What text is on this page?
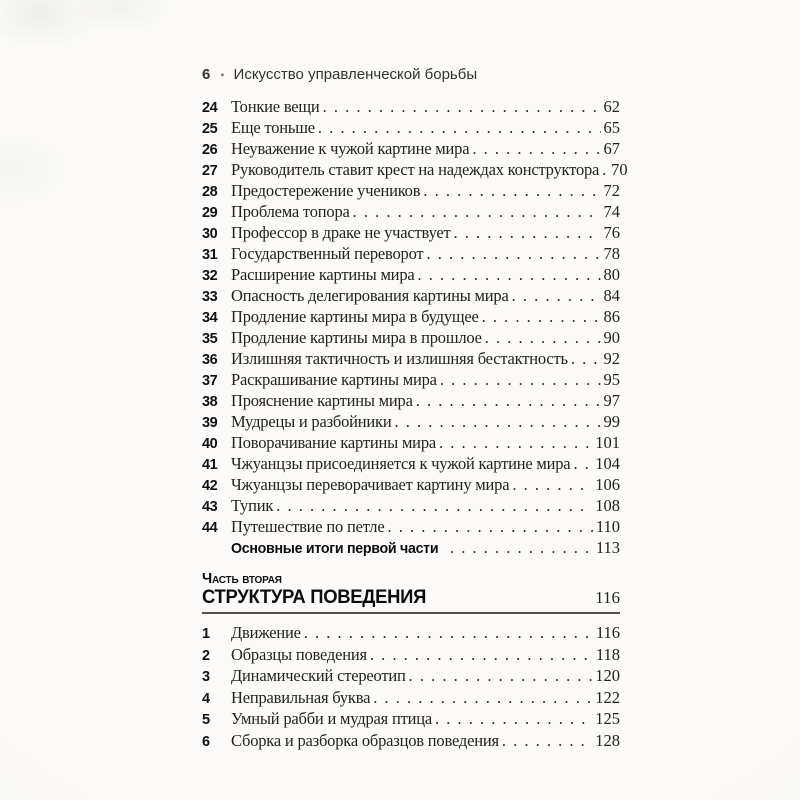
6 • Искусство управленческой борьбы
24 Тонкие вещи . . .	62
25 Еще тоньше . . .	65
26 Неуважение к чужой картине мира . . .	67
27 Руководитель ставит крест на надеждах конструктора . . . 70
28 Предостережение учеников . . .	72
29 Проблема топора . . .	74
30 Профессор в драке не участвует . . .	76
31 Государственный переворот . . .	78
32 Расширение картины мира . . .	80
33 Опасность делегирования картины мира . . .	84
34 Продление картины мира в будущее . . .	86
35 Продление картины мира в прошлое . . .	90
36 Излишняя тактичность и излишняя бестактность . . . 92
37 Раскрашивание картины мира . . .	95
38 Прояснение картины мира . . .	97
39 Мудрецы и разбойники . . .	99
40 Поворачивание картины мира . . .	101
41 Чжуанцзы присоединяется к чужой картине мира . . . 104
42 Чжуанцзы переворачивает картину мира . . .	106
43 Тупик . . .	108
44 Путешествие по петле . . .	110
Основные итоги первой части . . .	113
Часть вторая
СТРУКТУРА ПОВЕДЕНИЯ	116
1	Движение . . .	116
2	Образцы поведения . . .	118
3	Динамический стереотип . . .	120
4	Неправильная буква . . .	122
5	Умный рабби и мудрая птица . . .	125
6	Сборка и разборка образцов поведения . . .	128
